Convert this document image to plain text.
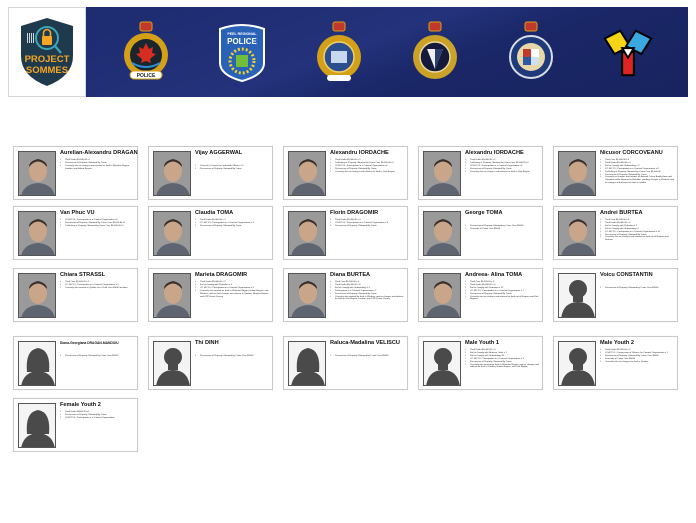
PROJECT
SOMMES	POLICE
PEEL REGIONAL
POLICE
Aurelian-Alexandru DRAGAN
• Theft Under $5,000.00 x1
• Possession of Property Obtained By Crime
• Currently also on charges and release for theft in Waterloo Region, London, and Halton Region
Vijay AGGERWAL
• Counsel to Commit an Indictable Offence x 3
• Possession of Property Obtained By Crime
Alexandru IORDACHE
• Theft Under $5,000.00 x 2
• Trafficking in Property Obtained by Crime Over $5,000.00 x1
• CC467.13 - Participation in a Criminal Organization x2
• Possession of Property Obtained By Crime
• Currently also on charges and release for theft in York Region
Alexandru IORDACHE
• Theft Under $5,000.00 x 2
• Trafficking in Property Obtained by Crime Over $5,000.00 x1
• CC467.13 - Participation in a Criminal Organization x2
• Possession of Property Obtained By Crime
• Currently also on charges and release for theft in York Region
Nicusor CORCOVEANU
• Theft Over $5,000.00 x 4
• Theft Under $5,000.00 x 4
• Fail to Comply with Undertaking x 2
• CC 467.13 - Participation in a Criminal Organization x 8
• Trafficking in Property Obtained by Crime Over $5,000.00
• Possession of Property Obtained By Crime
• Currently on charges and release for Assault Cause Bodily Harm and Operation while Impaired in Hamilton, pending charges in Windsor, and on charges and release for theft in London
Van Phuc VU
• CC467.13 - Participation in a Criminal Organization x3
• Possession of Property Obtained By Crime Over $5,000.00 x2
• Trafficking in Property Obtained by Crime Over $5,000.00 x1
Claudia TOMA
• Theft Under $5,000.00 x 4
• CC 467.13 - Participation in a Criminal Organization x 4
• Possession of Property Obtained By Crime
Florin DRAGOMIR
• Theft Under $5,000.00 x 4
• CC467.13 - Participation in a Criminal Organization x 4
• Possession of Property Obtained By Crime
George TOMA
• Possession of Property Obtained by Crime Over $5000
• Proceeds of Crime Over $5000
Andrei BURTEA
• Theft Over $5,000.00 x 3
• Theft Under $5,000.00 x 6
• Fail to Comply with Probation x 7
• Fail to Comply with Undertaking x7
• CC 467.13 - Participation in a Criminal Organization x 10
• Possession of Property Obtained By Crime
• Currently also on charges and release for theft out of Niagara and Durham
Chiara STRASSL
• Theft Over $5,000.00 x 2
• CC 467.13 - Participation in a Criminal Organization x 2
• Currently also wanted in Quebec for a Theft Over $5000 incident
Marieta DRAGOMIR
• Theft Under $5,000.00 x 3
• Fail to Comply with Probation x 4
• CC 467.13 - Participation in a Criminal Organization x 3
• Currently also wanted for theft in Waterloo Region, Halton Region, and Windsor; and on theft charges and release in Quebec, Niagara Region, and OPP Essex County
Diana BURTEA
• Theft Over $5,000.00 x 1
• Theft Under $5,000.00 x 6
• Fail to Comply with Undertaking X 3
• Participation in a Criminal Organization x 7
• Possession of Property Obtained By Crime
• Currently also wanted for theft in Windsor, and on charges and release for theft in York Region, London, and OPP Essex County
Andreea- Alina TOMA
• Theft Over $5,000.00 x 3
• Theft Under $5,000.00 x 6
• Fail to Comply with Probation x 12
• CC 467.13 - Participation in a Criminal Organization x 7
• Possession of Property Obtained By Crime
• Currently also on charges and release for theft out of Niagara and York Regions
Voicu CONSTANTIN
• Possession of Property Obtained by Crime Over $5000
Diana-Georgiana DRAGAN-MANDOIU
• Possession of Property Obtained by Crime Over $5000
Thi DINH
• Possession of Property Obtained by Crime Over $5000
Raluca-Madalina VELISCU
• Possession of Property Obtained by Crime Over $5000
Male Youth 1
• Theft Under $5,000.00 x 4
• Fail to Comply with Release Order x 1
• Fail to Comply with Undertaking X3
• CC 467.13 - Participation in a Criminal Organization x 3
• Possession of Property Obtained By Crime
• Currently also wanted for theft in Waterloo Region, and on charges and release for theft in London, Halton Region, and York Region
Male Youth 2
• Theft Under $5,000.00 x 2
• CC467.12 - Commission of Offence for Criminal Organization x 1
• Possession of Property Obtained By Crime Over $5000
• Proceeds of Crime Over $5000
• Currently also on charges for theft in Quebec
Female Youth 2
• Theft Under $5000.00 x1
• Possession of Property Obtained By Crime
• CC467.13 - Participation in a Criminal Organization
